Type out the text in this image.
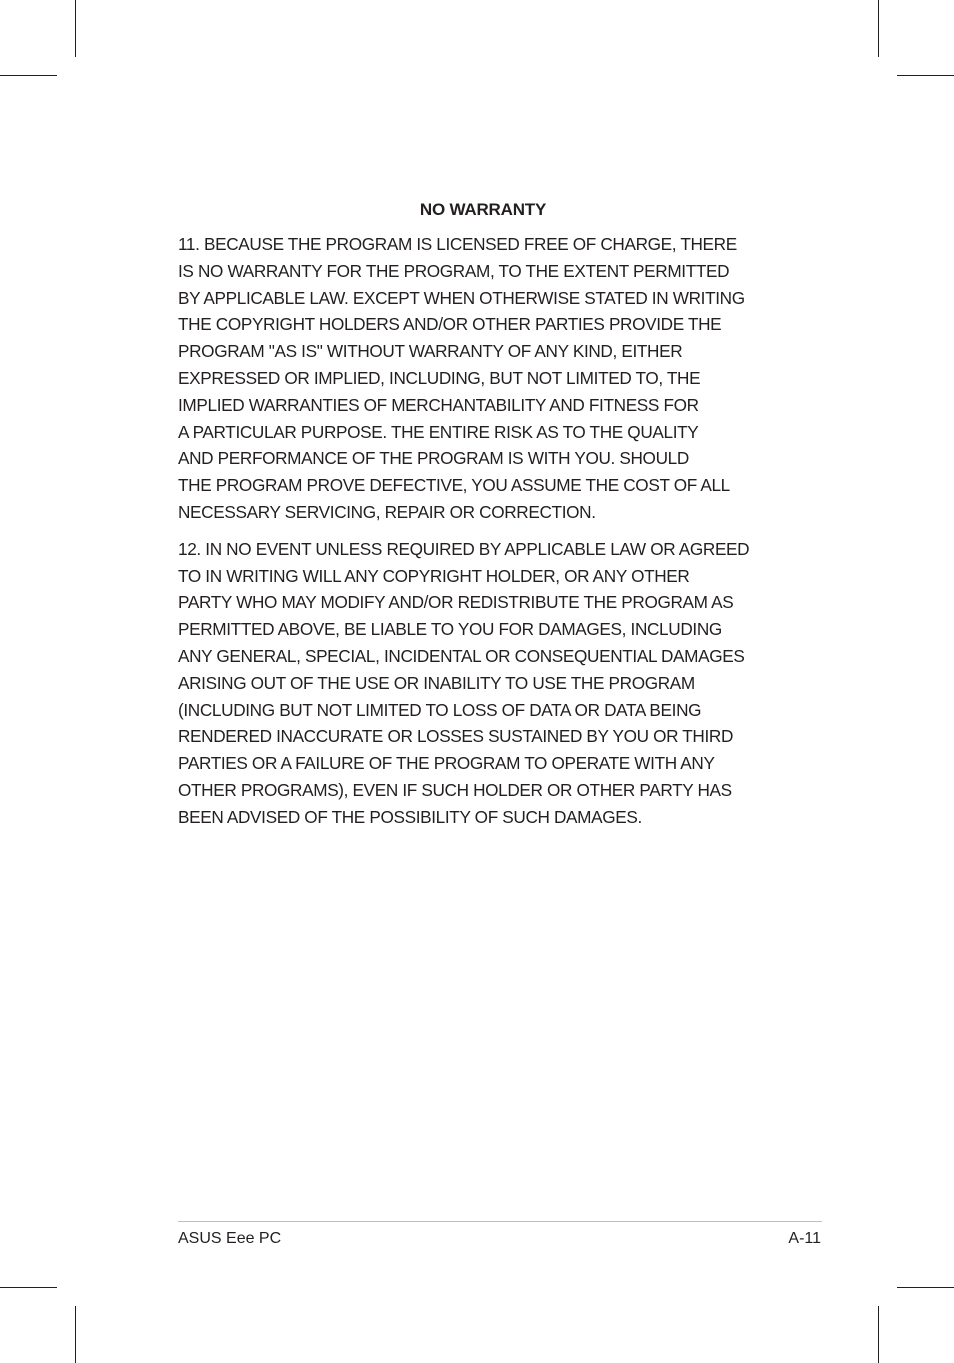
NO WARRANTY
11. BECAUSE THE PROGRAM IS LICENSED FREE OF CHARGE, THERE
IS NO WARRANTY FOR THE PROGRAM, TO THE EXTENT PERMITTED
BY APPLICABLE LAW. EXCEPT WHEN OTHERWISE STATED IN WRITING
THE COPYRIGHT HOLDERS AND/OR OTHER PARTIES PROVIDE THE
PROGRAM "AS IS" WITHOUT WARRANTY OF ANY KIND, EITHER
EXPRESSED OR IMPLIED, INCLUDING, BUT NOT LIMITED TO, THE
IMPLIED WARRANTIES OF MERCHANTABILITY AND FITNESS FOR
A PARTICULAR PURPOSE. THE ENTIRE RISK AS TO THE QUALITY
AND PERFORMANCE OF THE PROGRAM IS WITH YOU. SHOULD
THE PROGRAM PROVE DEFECTIVE, YOU ASSUME THE COST OF ALL
NECESSARY SERVICING, REPAIR OR CORRECTION.
12. IN NO EVENT UNLESS REQUIRED BY APPLICABLE LAW OR AGREED
TO IN WRITING WILL ANY COPYRIGHT HOLDER, OR ANY OTHER
PARTY WHO MAY MODIFY AND/OR REDISTRIBUTE THE PROGRAM AS
PERMITTED ABOVE, BE LIABLE TO YOU FOR DAMAGES, INCLUDING
ANY GENERAL, SPECIAL, INCIDENTAL OR CONSEQUENTIAL DAMAGES
ARISING OUT OF THE USE OR INABILITY TO USE THE PROGRAM
(INCLUDING BUT NOT LIMITED TO LOSS OF DATA OR DATA BEING
RENDERED INACCURATE OR LOSSES SUSTAINED BY YOU OR THIRD
PARTIES OR A FAILURE OF THE PROGRAM TO OPERATE WITH ANY
OTHER PROGRAMS), EVEN IF SUCH HOLDER OR OTHER PARTY HAS
BEEN ADVISED OF THE POSSIBILITY OF SUCH DAMAGES.
ASUS Eee PC	A-11
